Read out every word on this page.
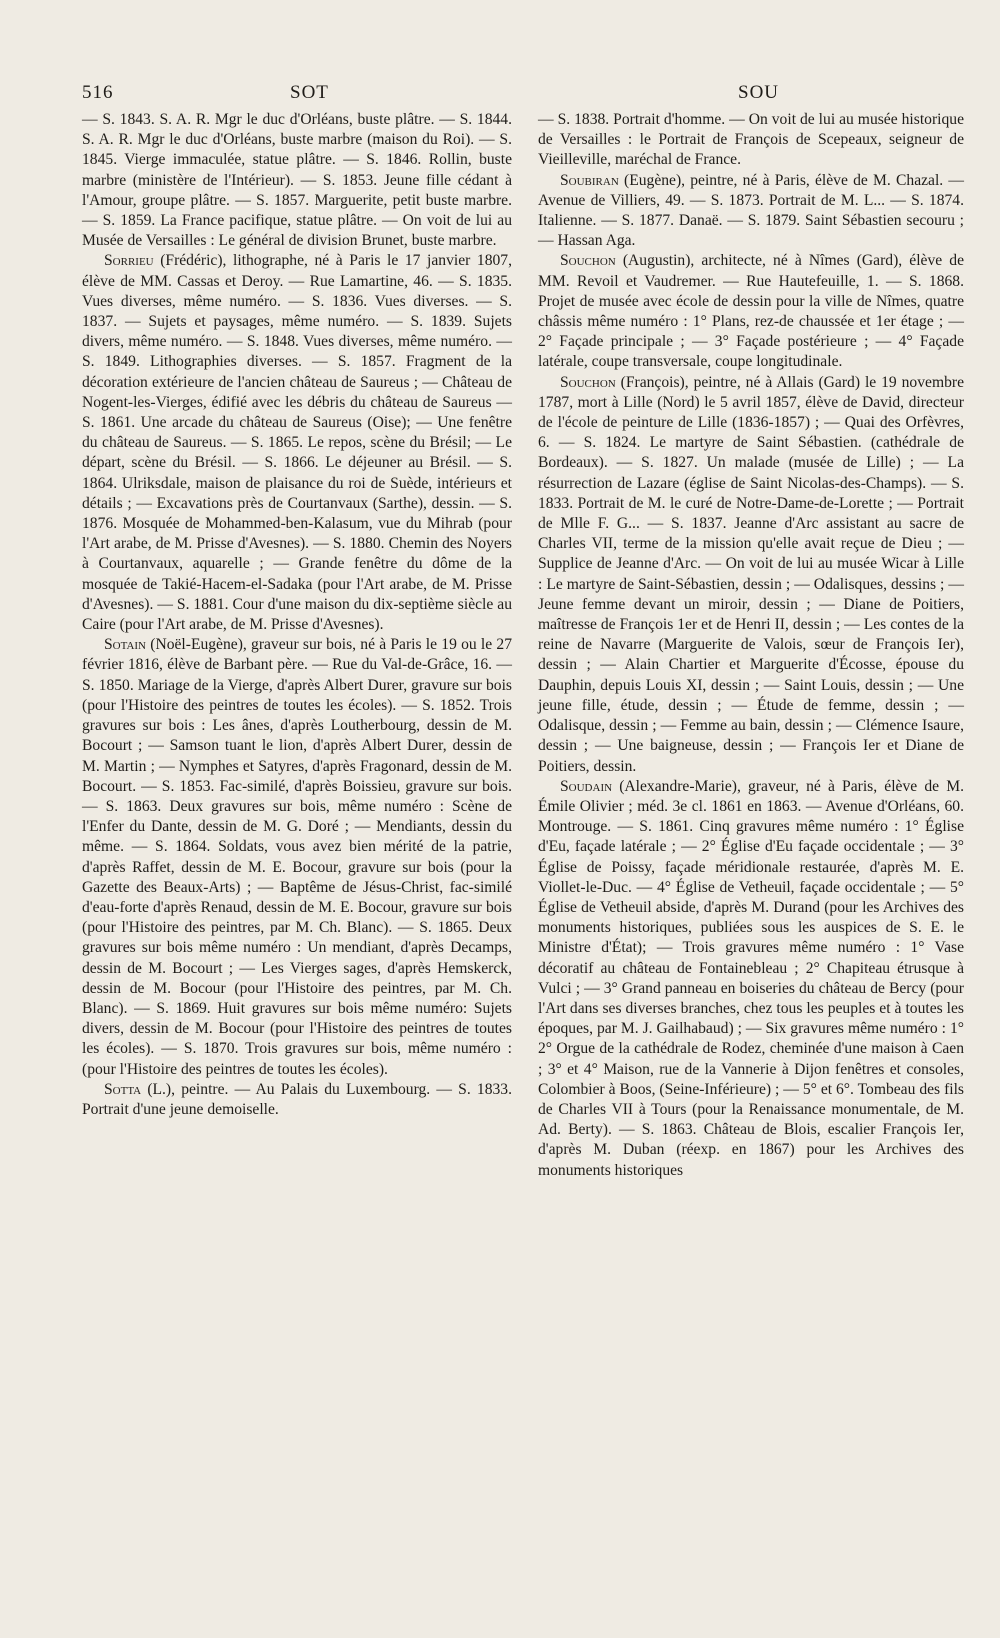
516	SOT	SOU

— S. 1843. S. A. R. Mgr le duc d'Orléans, buste plâtre. — S. 1844. S. A. R. Mgr le duc d'Orléans, buste marbre (maison du Roi). — S. 1845. Vierge immaculée, statue plâtre. — S. 1846. Rollin, buste marbre (ministère de l'Intérieur). — S. 1853. Jeune fille cédant à l'Amour, groupe plâtre. — S. 1857. Marguerite, petit buste marbre. — S. 1859. La France pacifique, statue plâtre. — On voit de lui au Musée de Versailles : Le général de division Brunet, buste marbre.

Sorrieu (Frédéric), lithographe, né à Paris le 17 janvier 1807, élève de MM. Cassas et Deroy. — Rue Lamartine, 46. — S. 1835. Vues diverses, même numéro. — S. 1836. Vues diverses. — S. 1837. — Sujets et paysages, même numéro. — S. 1839. Sujets divers, même numéro. — S. 1848. Vues diverses, même numéro. — S. 1849. Lithographies diverses. — S. 1857. Fragment de la décoration extérieure de l'ancien château de Saureus ; — Château de Nogent-les-Vierges, édifié avec les débris du château de Saureus — S. 1861. Une arcade du château de Saureus (Oise); — Une fenêtre du château de Saureus. — S. 1865. Le repos, scène du Brésil; — Le départ, scène du Brésil. — S. 1866. Le déjeuner au Brésil. — S. 1864. Ulriksdale, maison de plaisance du roi de Suède, intérieurs et détails ; — Excavations près de Courtanvaux (Sarthe), dessin. — S. 1876. Mosquée de Mohammed-ben-Kalasum, vue du Mihrab (pour l'Art arabe, de M. Prisse d'Avesnes). — S. 1880. Chemin des Noyers à Courtanvaux, aquarelle ; — Grande fenêtre du dôme de la mosquée de Takié-Hacem-el-Sadaka (pour l'Art arabe, de M. Prisse d'Avesnes). — S. 1881. Cour d'une maison du dix-septième siècle au Caire (pour l'Art arabe, de M. Prisse d'Avesnes).

Sotain (Noël-Eugène), graveur sur bois, né à Paris le 19 ou le 27 février 1816, élève de Barbant père. — Rue du Val-de-Grâce, 16. — S. 1850. Mariage de la Vierge, d'après Albert Durer, gravure sur bois (pour l'Histoire des peintres de toutes les écoles). — S. 1852. Trois gravures sur bois : Les ânes, d'après Loutherbourg, dessin de M. Bocourt ; — Samson tuant le lion, d'après Albert Durer, dessin de M. Martin ; — Nymphes et Satyres, d'après Fragonard, dessin de M. Bocourt. — S. 1853. Fac-similé, d'après Boissieu, gravure sur bois. — S. 1863. Deux gravures sur bois, même numéro : Scène de l'Enfer du Dante, dessin de M. G. Doré ; — Mendiants, dessin du même. — S. 1864. Soldats, vous avez bien mérité de la patrie, d'après Raffet, dessin de M. E. Bocour, gravure sur bois (pour la Gazette des Beaux-Arts) ; — Baptême de Jésus-Christ, fac-similé d'eau-forte d'après Renaud, dessin de M. E. Bocour, gravure sur bois (pour l'Histoire des peintres, par M. Ch. Blanc). — S. 1865. Deux gravures sur bois même numéro : Un mendiant, d'après Decamps, dessin de M. Bocourt ; — Les Vierges sages, d'après Hemskerck, dessin de M. Bocour (pour l'Histoire des peintres, par M. Ch. Blanc). — S. 1869. Huit gravures sur bois même numéro: Sujets divers, dessin de M. Bocour (pour l'Histoire des peintres de toutes les écoles). — S. 1870. Trois gravures sur bois, même numéro : (pour l'Histoire des peintres de toutes les écoles).

Sotta (L.), peintre. — Au Palais du Luxembourg. — S. 1833. Portrait d'une jeune demoiselle.

— S. 1838. Portrait d'homme. — On voit de lui au musée historique de Versailles : le Portrait de François de Scepeaux, seigneur de Vieilleville, maréchal de France.

Soubiran (Eugène), peintre, né à Paris, élève de M. Chazal. — Avenue de Villiers, 49. — S. 1873. Portrait de M. L... — S. 1874. Italienne. — S. 1877. Danaë. — S. 1879. Saint Sébastien secouru ; — Hassan Aga.

Souchon (Augustin), architecte, né à Nîmes (Gard), élève de MM. Revoil et Vaudremer. — Rue Hautefeuille, 1. — S. 1868. Projet de musée avec école de dessin pour la ville de Nîmes, quatre châssis même numéro : 1° Plans, rez-de chaussée et 1er étage ; — 2° Façade principale ; — 3° Façade postérieure ; — 4° Façade latérale, coupe transversale, coupe longitudinale.

Souchon (François), peintre, né à Allais (Gard) le 19 novembre 1787, mort à Lille (Nord) le 5 avril 1857, élève de David, directeur de l'école de peinture de Lille (1836-1857) ; — Quai des Orfèvres, 6. — S. 1824. Le martyre de Saint Sébastien. (cathédrale de Bordeaux). — S. 1827. Un malade (musée de Lille) ; — La résurrection de Lazare (église de Saint Nicolas-des-Champs). — S. 1833. Portrait de M. le curé de Notre-Dame-de-Lorette ; — Portrait de Mlle F. G... — S. 1837. Jeanne d'Arc assistant au sacre de Charles VII, terme de la mission qu'elle avait reçue de Dieu ; — Supplice de Jeanne d'Arc. — On voit de lui au musée Wicar à Lille : Le martyre de Saint-Sébastien, dessin ; — Odalisques, dessins ; — Jeune femme devant un miroir, dessin ; — Diane de Poitiers, maîtresse de François 1er et de Henri II, dessin ; — Les contes de la reine de Navarre (Marguerite de Valois, sœur de François Ier), dessin ; — Alain Chartier et Marguerite d'Écosse, épouse du Dauphin, depuis Louis XI, dessin ; — Saint Louis, dessin ; — Une jeune fille, étude, dessin ; — Étude de femme, dessin ; — Odalisque, dessin ; — Femme au bain, dessin ; — Clémence Isaure, dessin ; — Une baigneuse, dessin ; — François Ier et Diane de Poitiers, dessin.

Soudain (Alexandre-Marie), graveur, né à Paris, élève de M. Émile Olivier ; méd. 3e cl. 1861 en 1863. — Avenue d'Orléans, 60. Montrouge. — S. 1861. Cinq gravures même numéro : 1° Église d'Eu, façade latérale ; — 2° Église d'Eu façade occidentale ; — 3° Église de Poissy, façade méridionale restaurée, d'après M. E. Viollet-le-Duc. — 4° Église de Vetheuil, façade occidentale ; — 5° Église de Vetheuil abside, d'après M. Durand (pour les Archives des monuments historiques, publiées sous les auspices de S. E. le Ministre d'État); — Trois gravures même numéro : 1° Vase décoratif au château de Fontainebleau ; 2° Chapiteau étrusque à Vulci ; — 3° Grand panneau en boiseries du château de Bercy (pour l'Art dans ses diverses branches, chez tous les peuples et à toutes les époques, par M. J. Gailhabaud) ; — Six gravures même numéro : 1° 2° Orgue de la cathédrale de Rodez, cheminée d'une maison à Caen ; 3° et 4° Maison, rue de la Vannerie à Dijon fenêtres et consoles, Colombier à Boos, (Seine-Inférieure) ; — 5° et 6°. Tombeau des fils de Charles VII à Tours (pour la Renaissance monumentale, de M. Ad. Berty). — S. 1863. Château de Blois, escalier François Ier, d'après M. Duban (réexp. en 1867) pour les Archives des monuments historiques
